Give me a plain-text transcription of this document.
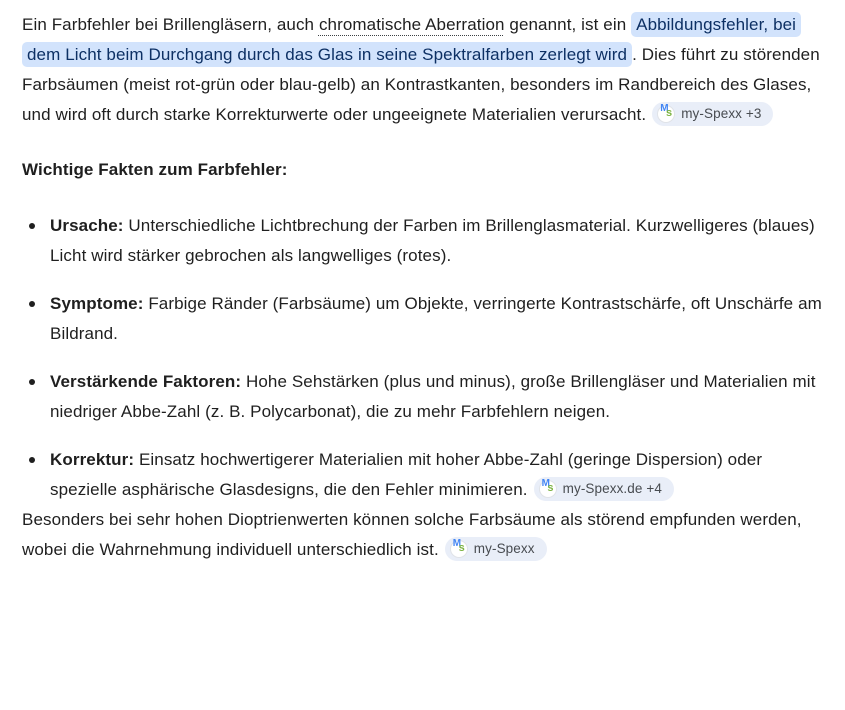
Ein Farbfehler bei Brillengläsern, auch chromatische Aberration genannt, ist ein Abbildungsfehler, bei dem Licht beim Durchgang durch das Glas in seine Spektralfarben zerlegt wird . Dies führt zu störenden Farbsäumen (meist rot-grün oder blau-gelb) an Kontrastkanten, besonders im Randbereich des Glases, und wird oft durch starke Korrekturwerte oder ungeeignete Materialien verursacht. M
s my-Spexx +3

Wichtige Fakten zum Farbfehler:
Ursache: Unterschiedliche Lichtbrechung der Farben im Brillenglasmaterial. Kurzwelligeres (blaues) Licht wird stärker gebrochen als langwelliges (rotes).
Symptome: Farbige Ränder (Farbsäume) um Objekte, verringerte Kontrastschärfe, oft Unschärfe am Bildrand.
Verstärkende Faktoren: Hohe Sehstärken (plus und minus), große Brillengläser und Materialien mit niedriger Abbe-Zahl (z. B. Polycarbonat), die zu mehr Farbfehlern neigen.
Korrektur: Einsatz hochwertigerer Materialien mit hoher Abbe-Zahl (geringe Dispersion) oder spezielle asphärische Glasdesigns, die den Fehler minimieren. M
s my-Spexx.de +4

Besonders bei sehr hohen Dioptrienwerten können solche Farbsäume als störend empfunden werden, wobei die Wahrnehmung individuell unterschiedlich ist. M
s my-Spexx
